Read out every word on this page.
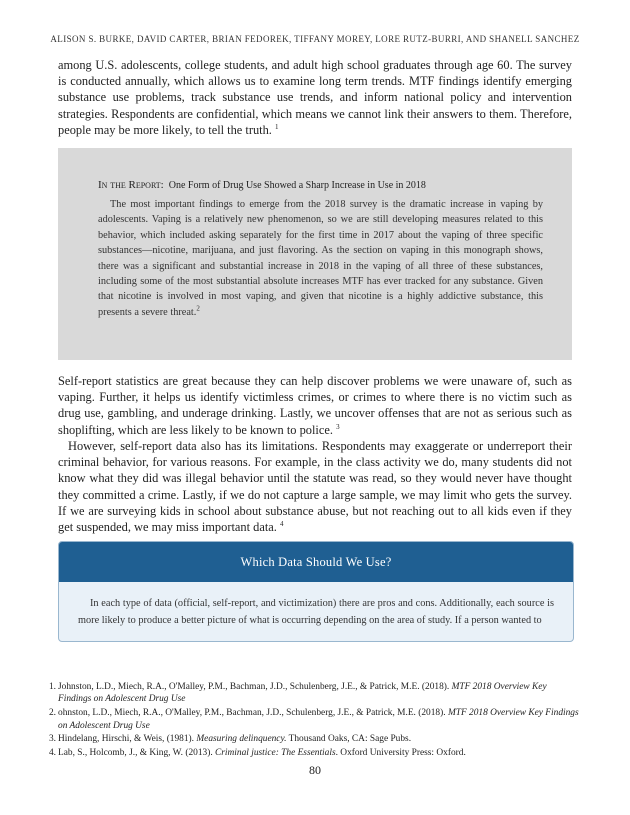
ALISON S. BURKE, DAVID CARTER, BRIAN FEDOREK, TIFFANY MOREY, LORE RUTZ-BURRI, AND SHANELL SANCHEZ

among U.S. adolescents, college students, and adult high school graduates through age 60. The survey is conducted annually, which allows us to examine long term trends. MTF findings identify emerging substance use problems, track substance use trends, and inform national policy and intervention strategies. Respondents are confidential, which means we cannot link their answers to them. Therefore, people may be more likely, to tell the truth. $^1$

In the Report: One Form of Drug Use Showed a Sharp Increase in Use in 2018

The most important findings to emerge from the 2018 survey is the dramatic increase in vaping by adolescents. Vaping is a relatively new phenomenon, so we are still developing measures related to this behavior, which included asking separately for the first time in 2017 about the vaping of three specific substances—nicotine, marijuana, and just flavoring. As the section on vaping in this monograph shows, there was a significant and substantial increase in 2018 in the vaping of all three of these substances, including some of the most substantial absolute increases MTF has ever tracked for any substance. Given that nicotine is involved in most vaping, and given that nicotine is a highly addictive substance, this presents a severe threat.$^2$

Self-report statistics are great because they can help discover problems we were unaware of, such as vaping. Further, it helps us identify victimless crimes, or crimes to where there is no victim such as drug use, gambling, and underage drinking. Lastly, we uncover offenses that are not as serious such as shoplifting, which are less likely to be known to police. $^3$

However, self-report data also has its limitations. Respondents may exaggerate or underreport their criminal behavior, for various reasons. For example, in the class activity we do, many students did not know what they did was illegal behavior until the statute was read, so they would never have thought they committed a crime. Lastly, if we do not capture a large sample, we may limit who gets the survey. If we are surveying kids in school about substance abuse, but not reaching out to all kids even if they get suspended, we may miss important data. $^4$

Which Data Should We Use?

In each type of data (official, self-report, and victimization) there are pros and cons. Additionally, each source is more likely to produce a better picture of what is occurring depending on the area of study. If a person wanted to

1. Johnston, L.D., Miech, R.A., O'Malley, P.M., Bachman, J.D., Schulenberg, J.E., & Patrick, M.E. (2018). MTF 2018 Overview Key Findings on Adolescent Drug Use
2. ohnston, L.D., Miech, R.A., O'Malley, P.M., Bachman, J.D., Schulenberg, J.E., & Patrick, M.E. (2018). MTF 2018 Overview Key Findings on Adolescent Drug Use
3. Hindelang, Hirschi, & Weis, (1981). Measuring delinquency. Thousand Oaks, CA: Sage Pubs.
4. Lab, S., Holcomb, J., & King, W. (2013). Criminal justice: The Essentials. Oxford University Press: Oxford.
80
